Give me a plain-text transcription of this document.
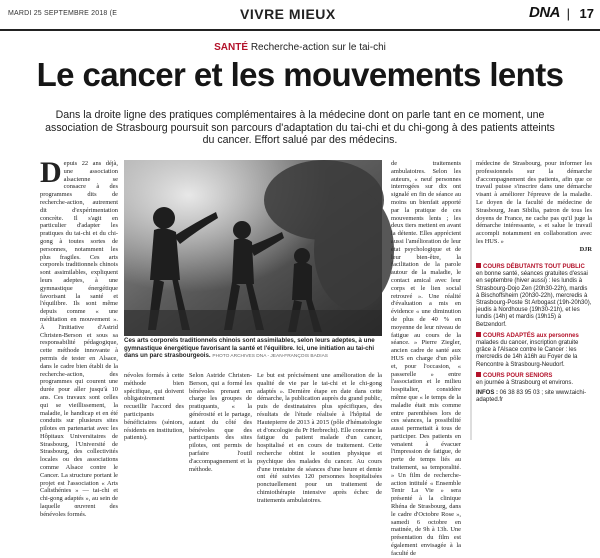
MARDI 25 SEPTEMBRE 2018 (E	VIVRE MIEUX	DNA | 17
SANTÉ Recherche-action sur le tai-chi
Le cancer et les mouvements lents

Dans la droite ligne des pratiques complémentaires à la médecine dont on parle tant en ce moment, une association de Strasbourg poursuit son parcours d'adaptation du tai-chi et du chi-gong à des patients atteints du cancer. Effort salué par des médecins.

Depuis 22 ans déjà, une association alsacienne se consacre à des programmes dits de recherche-action, autrement dit d'expérimentation concrète. Il s'agit en particulier d'adapter les pratiques du tai-chi et du chi-gong à toutes sortes de personnes, notamment les plus fragiles. Ces arts corporels traditionnels chinois sont assimilables, expliquent leurs adeptes, à une gymnastique énergétique favorisant la santé et l'équilibre. Ils sont même depuis comme « une méditation en mouvement ». À l'initiative d'Astrid Christen-Berson et sous sa responsabilité pédagogique, cette méthode innovante à permis de tester en Alsace, dans le cadre bien établi de la recherche-action, des programmes qui courent une durée pour aller jusqu'à 10 ans. Ces travaux sont celles qui se vieillissement, la maladie, le handicap et en été conduits sur plusieurs sites pilotes en partenariat avec les Hôpitaux Universitaires de Strasbourg, l'Université de Strasbourg, des collectivités locales ou des associations comme Alsace contre le Cancer. La structure portant le projet est l'association « Arts Calisthénies » — tai-chi et chi-gong adaptés », au sein de laquelle œuvrent des bénévoles formés.
Ces arts corporels traditionnels chinois sont assimilables, selon leurs adeptes, à une gymnastique énergétique favorisant la santé et l'équilibre. Ici, une initiation au tai-chi dans un parc strasbourgeois. PHOTO ARCHIVES DNA - JEAN-FRANÇOIS BADIAS
névoles formés à cette méthode bien spécifique, qui doivent obligatoirement recueillir l'accord des participants bénéficiaires (séniors, résidents en institution, patients).
Selon Astride Christen-Berson, qui a formé les bénévoles prenant en charge les groupes de pratiquants, « la générosité et le partage, autant du côté des bénévoles que des participants des sites pilotes, ont permis de parfaire l'outil d'accompagnement et la méthode.
Le but est précisément une amélioration de la qualité de vie par le tai-chi et le chi-gong adaptés ». Dernière étape en date dans cette démarche, la publication auprès du grand public, puis de destinataires plus spécifiques, des résultats de l'étude réalisée à l'hôpital de Hautepierre de 2013 à 2015 (pôle d'hématologie et d'oncologie du Pr Herbrecht). Elle concerne la fatigue du patient malade d'un cancer, hospitalisé et en cours de traitement. Cette recherche obtint le soutien physique et psychique des malades du cancer. Au cours d'une trentaine de séances d'une heure et demie ont été suivies 120 personnes hospitalisées ponctuellement pour un traitement de chimiothérapie intensive après échec de traitements ambulatoires.
de traitements ambulatoires. Selon les auteurs, « neuf personnes interrogées sur dix ont signalé en fin de séance au moins un bienfait apporté par la pratique de ces mouvements lents ; les deux tiers mettent en avant la détente. Elles apprécient aussi l'amélioration de leur état psychologique et de leur bien-être, la facilitation de la parole autour de la maladie, le contact amical avec leur corps et le lien social retrouvé ». Une réalité d'évaluation a mis en évidence « une diminution de plus de 40 % en moyenne de leur niveau de fatigue au cours de la séance. » Pierre Ziegler, ancien cadre de santé aux HUS en charge d'un pôle et, pour l'occasion, « passerelle » entre l'association et le milieu hospitalier, considère même que « le temps de la maladie était mis comme entre parenthèses lors de ces séances, la possibilité aussi permettait à tous de participer. Des patients en venaient à évacuer l'impression de fatigue, de perte de temps liés au traitement, sa temporalité. » Un film de recherche-action intitulé « Ensemble Tenir La Vie » sera présenté à la clinique Rhéna de Strasbourg, dans le cadre d'Octobre Rose », samedi 6 octobre en matinée, de 9h à 13h. Une présentation du film est également envisagée à la faculté de
médecine de Strasbourg, pour informer les professionnels sur la démarche d'accompagnement des patients, afin que ce travail puisse s'inscrire dans une démarche visant à améliorer l'épreuve de la maladie. Le doyen de la faculté de médecine de Strasbourg, Jean Sibilia, patron de tous les doyens de France, ne cache pas qu'il juge la démarche intéressante, « et salue le travail accompli notamment en collaboration avec les HUS. »
DJR
COURS DÉBUTANTS TOUT PUBLIC
en bonne santé, séances gratuites d'essai en septembre (hiver aussi) : les lundis à Strasbourg-Dojo Zen (20h30-22h), mardis à Bischoffsheim (20h30-22h), mercredis à Strasbourg-Poste St Arbogast (19h-20h30), jeudis à Nordhouse (19h30-21h), et les lundis (14h) et mardis (19h15) à Betzendorf.
COURS ADAPTÉS aux personnes
malades du cancer, inscription gratuite grâce à l'Alsace contre le Cancer : les mercredis de 14h à16h au Foyer de la Rencontre à Strasbourg-Neudorf.
COURS POUR SENIORS
en journée à Strasbourg et environs.
INFOS : 06 38 83 95 03 ; site www.taichi-adapted.fr
